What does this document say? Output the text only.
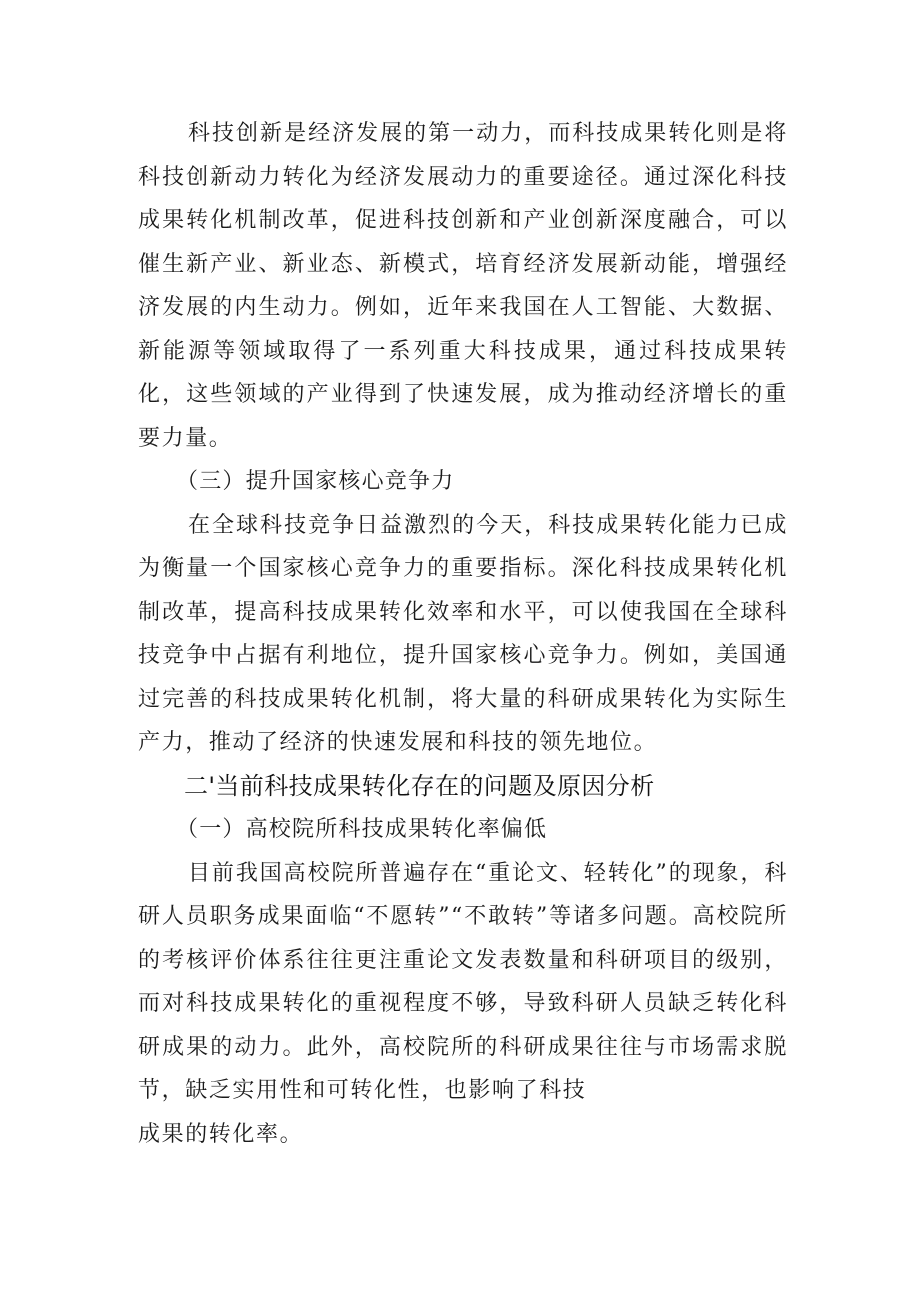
科技创新是经济发展的第一动力，而科技成果转化则是将科技创新动力转化为经济发展动力的重要途径。通过深化科技成果转化机制改革，促进科技创新和产业创新深度融合，可以催生新产业、新业态、新模式，培育经济发展新动能，增强经济发展的内生动力。例如，近年来我国在人工智能、大数据、新能源等领域取得了一系列重大科技成果，通过科技成果转化，这些领域的产业得到了快速发展，成为推动经济增长的重要力量。

（三）提升国家核心竞争力

在全球科技竞争日益激烈的今天，科技成果转化能力已成为衡量一个国家核心竞争力的重要指标。深化科技成果转化机制改革，提高科技成果转化效率和水平，可以使我国在全球科技竞争中占据有利地位，提升国家核心竞争力。例如，美国通过完善的科技成果转化机制，将大量的科研成果转化为实际生产力，推动了经济的快速发展和科技的领先地位。

二'当前科技成果转化存在的问题及原因分析

（一）高校院所科技成果转化率偏低

目前我国高校院所普遍存在“重论文、轻转化”的现象，科研人员职务成果面临“不愿转”“不敢转”等诸多问题。高校院所的考核评价体系往往更注重论文发表数量和科研项目的级别，而对科技成果转化的重视程度不够，导致科研人员缺乏转化科研成果的动力。此外，高校院所的科研成果往往与市场需求脱节，缺乏实用性和可转化性，也影响了科技

成果的转化率。
